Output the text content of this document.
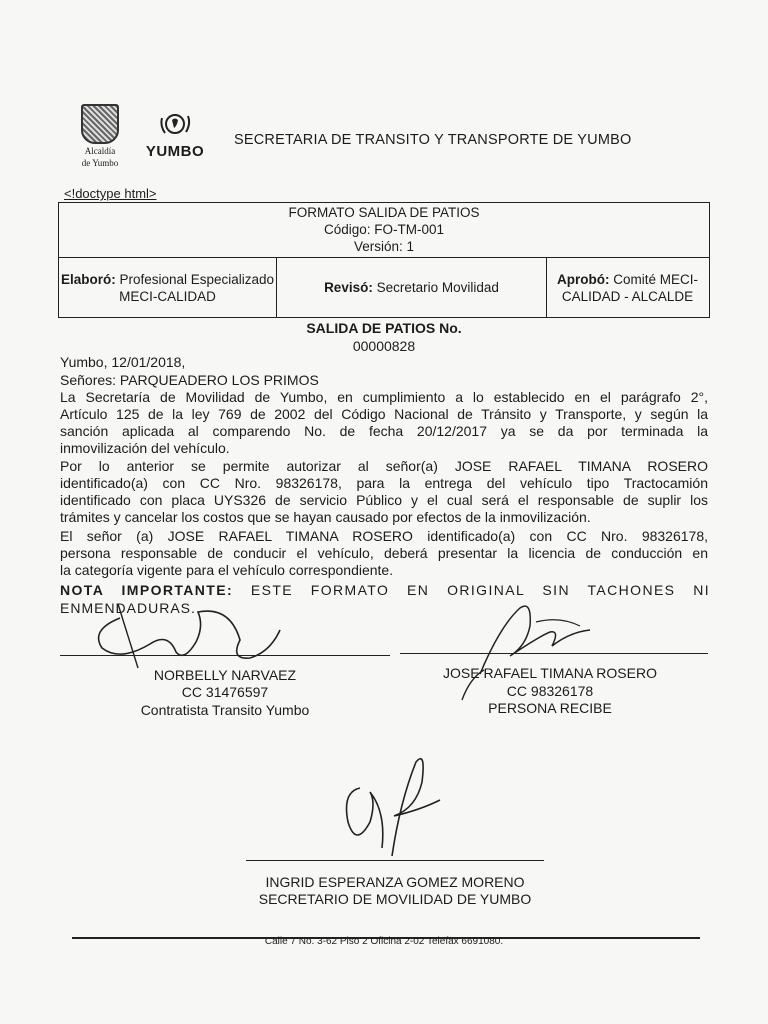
Alcaldía
de Yumbo
YUMBO
SECRETARIA DE TRANSITO Y TRANSPORTE DE YUMBO
<!doctype html>
FORMATO SALIDA DE PATIOS
Código: FO-TM-001
Versión: 1
Elaboró: Profesional Especializado MECI-CALIDAD
Revisó: Secretario Movilidad
Aprobó: Comité MECI-CALIDAD - ALCALDE
SALIDA DE PATIOS No.
00000828
Yumbo, 12/01/2018,
Señores: PARQUEADERO LOS PRIMOS
La Secretaría de Movilidad de Yumbo, en cumplimiento a lo establecido en el parágrafo 2°,
Artículo 125 de la ley 769 de 2002 del Código Nacional de Tránsito y Transporte, y según la
sanción aplicada al comparendo No. de fecha 20/12/2017 ya se da por terminada la
inmovilización del vehículo.
Por lo anterior se permite autorizar al señor(a) JOSE RAFAEL TIMANA ROSERO
identificado(a) con CC Nro. 98326178, para la entrega del vehículo tipo Tractocamión
identificado con placa UYS326 de servicio Público y el cual será el responsable de suplir los
trámites y cancelar los costos que se hayan causado por efectos de la inmovilización.
El señor (a) JOSE RAFAEL TIMANA ROSERO identificado(a) con CC Nro. 98326178,
persona responsable de conducir el vehículo, deberá presentar la licencia de conducción en
la categoría vigente para el vehículo correspondiente.
NOTA IMPORTANTE: ESTE FORMATO EN ORIGINAL SIN TACHONES NI
ENMENDADURAS.
NORBELLY NARVAEZ
CC 31476597
Contratista Transito Yumbo
JOSE RAFAEL TIMANA ROSERO
CC 98326178
PERSONA RECIBE
INGRID ESPERANZA GOMEZ MORENO
SECRETARIO DE MOVILIDAD DE YUMBO
Calle 7 No. 3-62 Piso 2 Oficina 2-02 Telefax 6691080.
